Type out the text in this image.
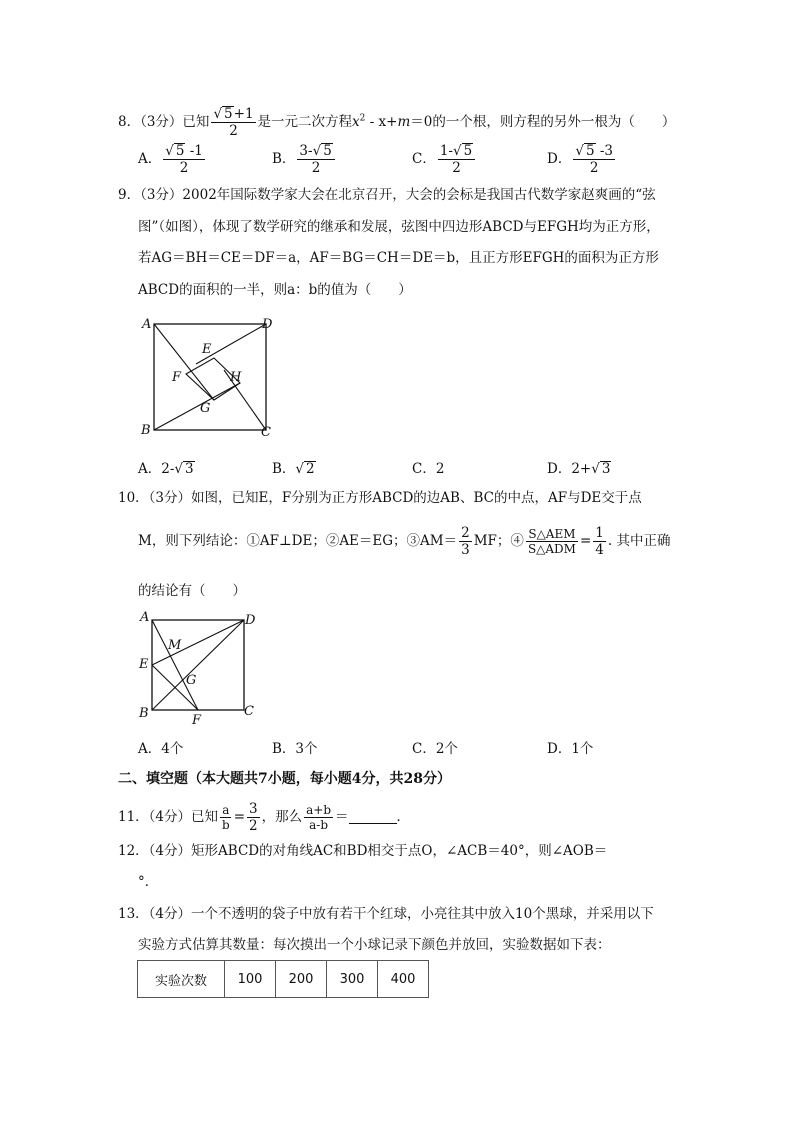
8．（3分）已知 $\frac{√ 5+1}{2}$ 是一元二次方程$x^2 - x+m=0$的一个根，则方程的另外一根为（　　）
A． $\frac{√ 5 -1}{2}$	B． $\frac{3-√ 5}{2}$	C． $\frac{1-√ 5}{2}$	D． $\frac{√ 5 -3}{2}$
9．（3分）2002年国际数学家大会在北京召开，大会的会标是我国古代数学家赵爽画的“弦
图”（如图），体现了数学研究的继承和发展，弦图中四边形ABCD与EFGH均为正方形，
若AG＝BH＝CE＝DF＝a，AF＝BG＝CH＝DE＝b，且正方形EFGH的面积为正方形
ABCD的面积的一半，则a：b的值为（　　）
A	D
E
F	H
G
B	C
A．2-√ 3	B．√ 2	C．2	D．2+√ 3
10．（3分）如图，已知E，F分别为正方形ABCD的边AB、BC的中点，AF与DE交于点
M，则下列结论：①AF⊥DE；②AE＝EG；③AM＝ $\frac{2}{3}$ MF；④ $\frac{\text{S△AEM}}{\text{S△ADM}} = \frac{1}{4}$ . 其中正确
的结论有（　　）
A	D
M
E
G
B	F
C
A．4个	B．3个	C．2个	D．1个
二、填空题（本大题共7小题，每小题4分，共28分）
11．（4分）已知 $\frac{a}{b} = \frac{3}{2}$ ，那么 $\frac{a+b}{a-b}$ ＝	．
12．（4分）矩形ABCD的对角线AC和BD相交于点O，∠ACB＝40°，则∠AOB＝
°．
13．（4分）一个不透明的袋子中放有若干个红球，小亮往其中放入10个黑球，并采用以下
实验方式估算其数量：每次摸出一个小球记录下颜色并放回，实验数据如下表：
实验次数	100	200	300	400
